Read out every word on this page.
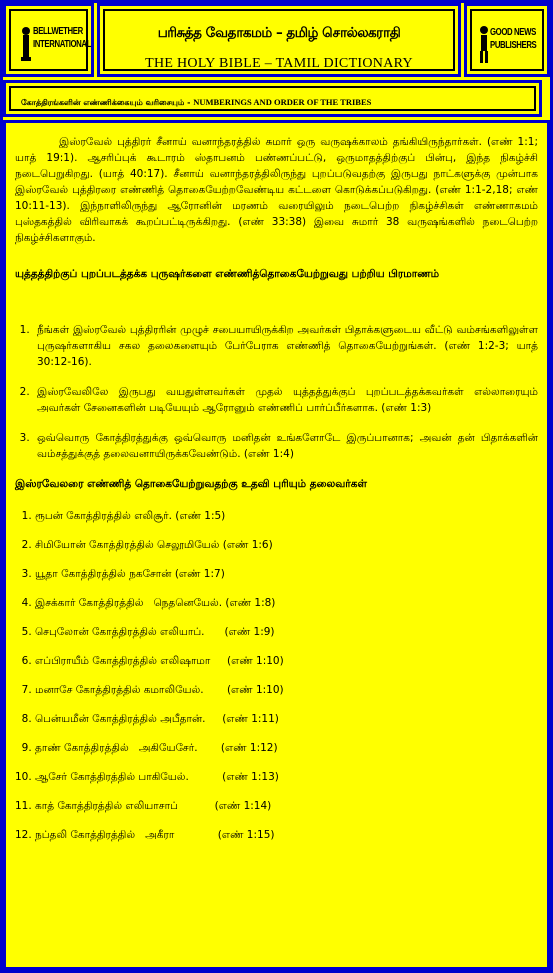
BELLWETHER
INTERNATIONAL
பரிசுத்த வேதாகமம் – தமிழ் சொல்லகராதி
THE HOLY BIBLE – TAMIL DICTIONARY
GOOD NEWS
PUBLISHERS
கோத்திரங்களின் எண்ணிக்கையும் வரிசையும் - NUMBERINGS AND ORDER OF THE TRIBES

இஸ்ரவேல் புத்திரர் சீனாய் வனாந்தரத்தில் சுமார் ஒரு வருஷக்காலம் தங்கியிருந்தார்கள். (எண் 1:1; யாத் 19:1). ஆசரிப்புக் கூடாரம் ஸ்தாபனம் பண்ணப்பட்டு, ஒருமாதத்திற்குப் பின்பு, இந்த நிகழ்ச்சி நடைபெறுகிறது. (யாத் 40:17). சீனாய் வனாந்தரத்திலிருந்து புறப்படுவதற்கு இருபது நாட்களுக்கு முன்பாக இஸ்ரவேல் புத்திரரை எண்ணித் தொகையேற்றவேண்டிய கட்டளை கொடுக்கப்படுகிறது. (எண் 1:1-2,18; எண் 10:11-13). இந்நாளிலிருந்து ஆரோனின் மரணம் வரையிலும் நடைபெற்ற நிகழ்ச்சிகள் எண்ணாகமம் புஸ்தகத்தில் விரிவாகக் கூறப்பட்டிருக்கிறது. (எண் 33:38) இவை சுமார் 38 வருஷங்களில் நடைபெற்ற நிகழ்ச்சிகளாகும்.

யுத்தத்திற்குப் புறப்படத்தக்க புருஷர்களை எண்ணித்தொகையேற்றுவது பற்றிய பிரமாணம்

1. நீங்கள் இஸ்ரவேல் புத்திரரின் முழுச் சபையாயிருக்கிற அவர்கள் பிதாக்களுடைய வீட்டு வம்சங்களிலுள்ள புருஷர்களாகிய சகல தலைகளையும் பேர்பேராக எண்ணித் தொகையேற்றுங்கள். (எண் 1:2-3; யாத் 30:12-16).
2. இஸ்ரவேலிலே இருபது வயதுள்ளவர்கள் முதல் யுத்தத்துக்குப் புறப்படத்தக்கவர்கள் எல்லாரையும் அவர்கள் சேனைகளின் படியேயும் ஆரோனும் எண்ணிப் பார்ப்பீர்களாக. (எண் 1:3)
3. ஒவ்வொரு கோத்திரத்துக்கு ஒவ்வொரு மனிதன் உங்களோடே இருப்பானாக; அவன் தன் பிதாக்களின் வம்சத்துக்குத் தலைவனாயிருக்கவேண்டும். (எண் 1:4)

இஸ்ரவேலரை எண்ணித் தொகையேற்றுவதற்கு உதவி புரியும் தலைவர்கள்

1. ரூபன் கோத்திரத்தில் எலிசூர். (எண் 1:5)
2. சிமியோன் கோத்திரத்தில் செலூமியேல் (எண் 1:6)
3. யூதா கோத்திரத்தில் நகசோன் (எண் 1:7)
4. இசக்கார் கோத்திரத்தில்   நெதனெயேல். (எண் 1:8)
5. செபுலோன் கோத்திரத்தில் எலியாப்.      (எண் 1:9)
6. எப்பிராயீம் கோத்திரத்தில் எலிஷாமா     (எண் 1:10)
7. மனாசே கோத்திரத்தில் கமாலியேல்.       (எண் 1:10)
8. பென்யமீன் கோத்திரத்தில் அபீதான்.     (எண் 1:11)
9. தாண் கோத்திரத்தில்   அகியேசேர்.       (எண் 1:12)
10. ஆசேர் கோத்திரத்தில் பாகியேல்.          (எண் 1:13)
11. காத் கோத்திரத்தில் எலியாசாப்           (எண் 1:14)
12. நப்தலி கோத்திரத்தில்   அகீரா             (எண் 1:15)
